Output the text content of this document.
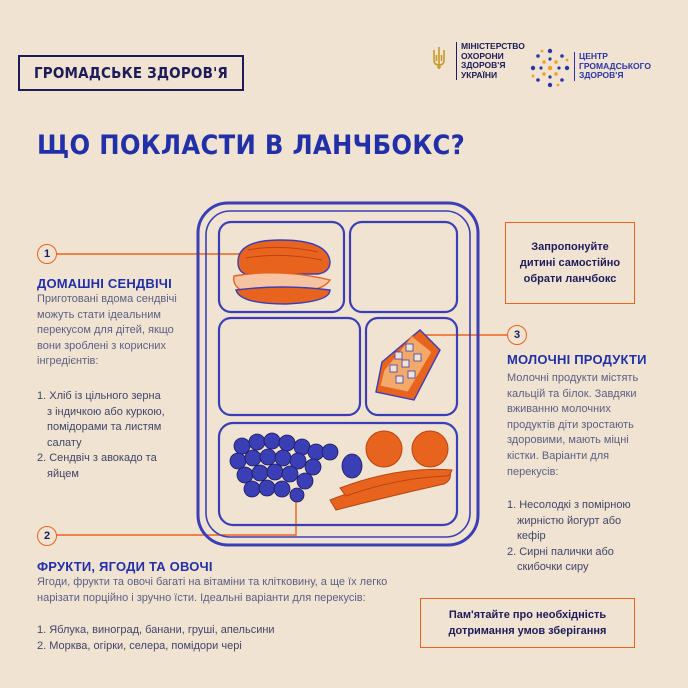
ГРОМАДСЬКЕ ЗДОРОВ'Я
МІНІСТЕРСТВО
ОХОРОНИ
ЗДОРОВ'Я
УКРАЇНИ
ЦЕНТР
ГРОМАДСЬКОГО
ЗДОРОВ'Я
ЩО ПОКЛАСТИ В ЛАНЧБОКС?
1
ДОМАШНІ СЕНДВІЧІ
Приготовані вдома сендвічі
можуть стати ідеальним
перекусом для дітей, якщо
вони зроблені з корисних
інгредієнтів:
1. Хліб із цільного зерна
з індичкою або куркою,
помідорами та листям
салату
2. Сендвіч з авокадо та
яйцем
3
МОЛОЧНІ ПРОДУКТИ
Молочні продукти містять
кальцій та білок. Завдяки
вживанню молочних
продуктів діти зростають
здоровими, мають міцні
кістки. Варіанти для
перекусів:
1. Несолодкі з помірною
жирністю йогурт або
кефір
2. Сирні палички або
скибочки сиру
Запропонуйте
дитині самостійно
обрати ланчбокс
2
ФРУКТИ, ЯГОДИ ТА ОВОЧІ
Ягоди, фрукти та овочі багаті на вітаміни та клітковину, а ще їх легко
нарізати порційно і зручно їсти. Ідеальні варіанти для перекусів:
1. Яблука, виноград, банани, груші, апельсини
2. Морква, огірки, селера, помідори чері
Пам'ятайте про необхідність
дотримання умов зберігання
